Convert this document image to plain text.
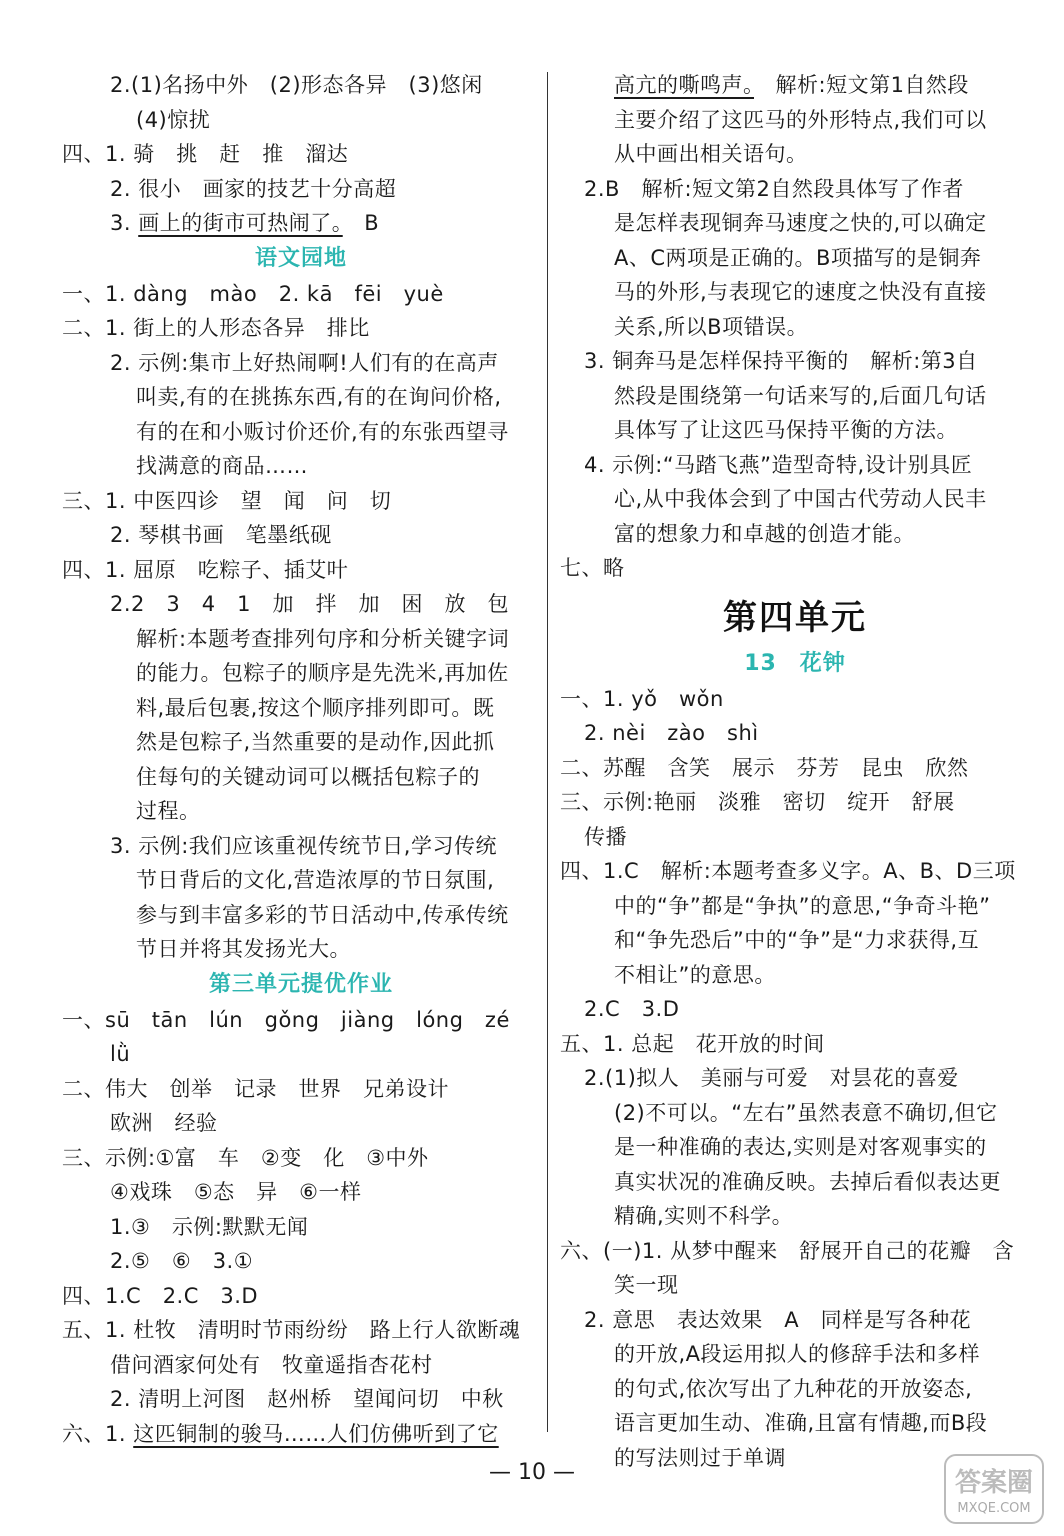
2.(1)名扬中外　(2)形态各异　(3)悠闲
(4)惊扰
四、1. 骑　挑　赶　推　溜达
2. 很小　画家的技艺十分高超
3. 画上的街市可热闹了。　B
语文园地
一、1. dàng　mào　2. kā　fēi　yuè
二、1. 街上的人形态各异　排比
2. 示例:集市上好热闹啊!人们有的在高声
叫卖,有的在挑拣东西,有的在询问价格,
有的在和小贩讨价还价,有的东张西望寻
找满意的商品……
三、1. 中医四诊　望　闻　问　切
2. 琴棋书画　笔墨纸砚
四、1. 屈原　吃粽子、插艾叶
2.2　3　4　1　加　拌　加　困　放　包
解析:本题考查排列句序和分析关键字词
的能力。包粽子的顺序是先洗米,再加佐
料,最后包裹,按这个顺序排列即可。既
然是包粽子,当然重要的是动作,因此抓
住每句的关键动词可以概括包粽子的
过程。
3. 示例:我们应该重视传统节日,学习传统
节日背后的文化,营造浓厚的节日氛围,
参与到丰富多彩的节日活动中,传承传统
节日并将其发扬光大。
第三单元提优作业
一、sū　tān　lún　gǒng　jiàng　lóng　zé
lǜ
二、伟大　创举　记录　世界　兄弟设计
欧洲　经验
三、示例:①富　车　②变　化　③中外
④戏珠　⑤态　异　⑥一样
1.③　示例:默默无闻
2.⑤　⑥　3.①
四、1.C　2.C　3.D
五、1. 杜牧　清明时节雨纷纷　路上行人欲断魂
借问酒家何处有　牧童遥指杏花村
2. 清明上河图　赵州桥　望闻问切　中秋
六、1. 这匹铜制的骏马……人们仿佛听到了它
高亢的嘶鸣声。　解析:短文第1自然段
主要介绍了这匹马的外形特点,我们可以
从中画出相关语句。
2.B　解析:短文第2自然段具体写了作者
是怎样表现铜奔马速度之快的,可以确定
A、C两项是正确的。B项描写的是铜奔
马的外形,与表现它的速度之快没有直接
关系,所以B项错误。
3. 铜奔马是怎样保持平衡的　解析:第3自
然段是围绕第一句话来写的,后面几句话
具体写了让这匹马保持平衡的方法。
4. 示例:“马踏飞燕”造型奇特,设计别具匠
心,从中我体会到了中国古代劳动人民丰
富的想象力和卓越的创造才能。
七、略
第四单元
13　花钟
一、1. yǒ　wǒn
2. nèi　zào　shì
二、苏醒　含笑　展示　芬芳　昆虫　欣然
三、示例:艳丽　淡雅　密切　绽开　舒展
传播
四、1.C　解析:本题考查多义字。A、B、D三项
中的“争”都是“争执”的意思,“争奇斗艳”
和“争先恐后”中的“争”是“力求获得,互
不相让”的意思。
2.C　3.D
五、1. 总起　花开放的时间
2.(1)拟人　美丽与可爱　对昙花的喜爱
(2)不可以。“左右”虽然表意不确切,但它
是一种准确的表达,实则是对客观事实的
真实状况的准确反映。去掉后看似表达更
精确,实则不科学。
六、(一)1. 从梦中醒来　舒展开自己的花瓣　含
笑一现
2. 意思　表达效果　A　同样是写各种花
的开放,A段运用拟人的修辞手法和多样
的句式,依次写出了九种花的开放姿态,
语言更加生动、准确,且富有情趣,而B段
的写法则过于单调
— 10 —	答案圈
MXQE.COM
